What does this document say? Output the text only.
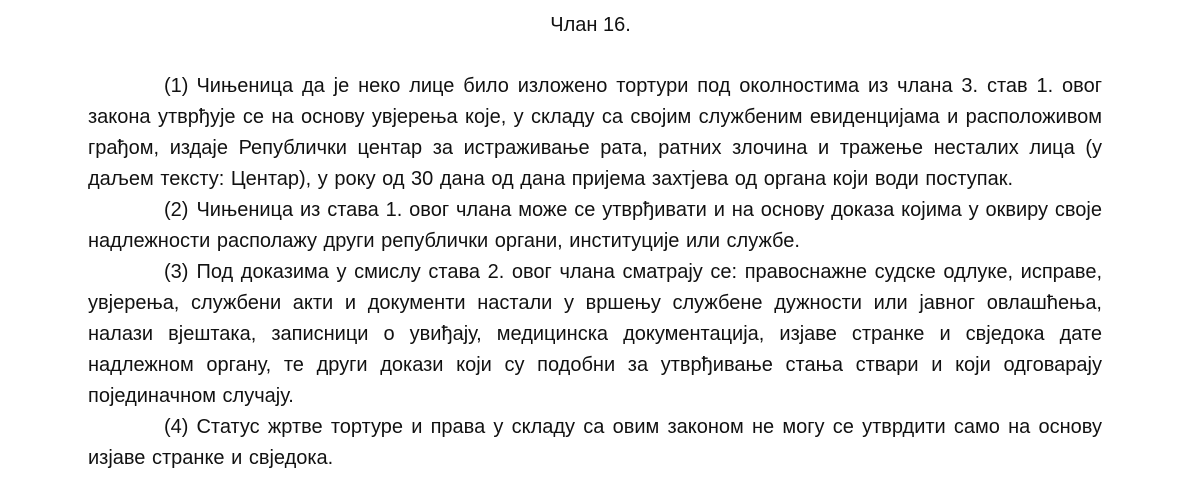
Члан 16.

(1) Чињеница да је неко лице било изложено тортури под околностима из члана 3. став 1. овог закона утврђује се на основу увјерења које, у складу са својим службеним евиденцијама и расположивом грађом, издаје Републички центар за истраживање рата, ратних злочина и тражење несталих лица (у даљем тексту: Центар), у року од 30 дана од дана пријема захтјева од органа који води поступак.

(2) Чињеница из става 1. овог члана може се утврђивати и на основу доказа којима у оквиру своје надлежности располажу други републички органи, институције или службе.

(3) Под доказима у смислу става 2. овог члана сматрају се: правоснажне судске одлуке, исправе, увјерења, службени акти и документи настали у вршењу службене дужности или јавног овлашћења, налази вјештака, записници о увиђају, медицинска документација, изјаве странке и свједока дате надлежном органу, те други докази који су подобни за утврђивање стања ствари и који одговарају појединачном случају.

(4) Статус жртве тортуре и права у складу са овим законом не могу се утврдити само на основу изјаве странке и свједока.
